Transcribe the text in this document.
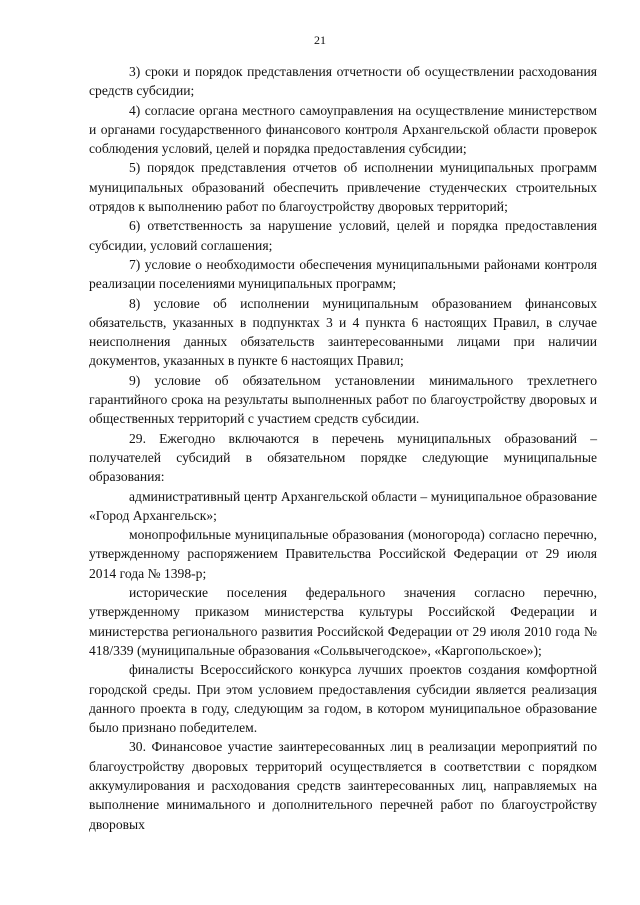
21

3) сроки и порядок представления отчетности об осуществлении расходования средств субсидии;

4) согласие органа местного самоуправления на осуществление министерством и органами государственного финансового контроля Архангельской области проверок соблюдения условий, целей и порядка предоставления субсидии;

5) порядок представления отчетов об исполнении муниципальных программ муниципальных образований обеспечить привлечение студенческих строительных отрядов к выполнению работ по благоустройству дворовых территорий;

6) ответственность за нарушение условий, целей и порядка предоставления субсидии, условий соглашения;

7) условие о необходимости обеспечения муниципальными районами контроля реализации поселениями муниципальных программ;

8) условие об исполнении муниципальным образованием финансовых обязательств, указанных в подпунктах 3 и 4 пункта 6 настоящих Правил, в случае неисполнения данных обязательств заинтересованными лицами при наличии документов, указанных в пункте 6 настоящих Правил;

9) условие об обязательном установлении минимального трехлетнего гарантийного срока на результаты выполненных работ по благоустройству дворовых и общественных территорий с участием средств субсидии.

29. Ежегодно включаются в перечень муниципальных образований – получателей субсидий в обязательном порядке следующие муниципальные образования:

административный центр Архангельской области – муниципальное образование «Город Архангельск»;

монопрофильные муниципальные образования (моногорода) согласно перечню, утвержденному распоряжением Правительства Российской Федерации от 29 июля 2014 года № 1398-р;

исторические поселения федерального значения согласно перечню, утвержденному приказом министерства культуры Российской Федерации и министерства регионального развития Российской Федерации от 29 июля 2010 года № 418/339 (муниципальные образования «Сольвычегодское», «Каргопольское»);

финалисты Всероссийского конкурса лучших проектов создания комфортной городской среды. При этом условием предоставления субсидии является реализация данного проекта в году, следующим за годом, в котором муниципальное образование было признано победителем.

30. Финансовое участие заинтересованных лиц в реализации мероприятий по благоустройству дворовых территорий осуществляется в соответствии с порядком аккумулирования и расходования средств заинтересованных лиц, направляемых на выполнение минимального и дополнительного перечней работ по благоустройству дворовых
